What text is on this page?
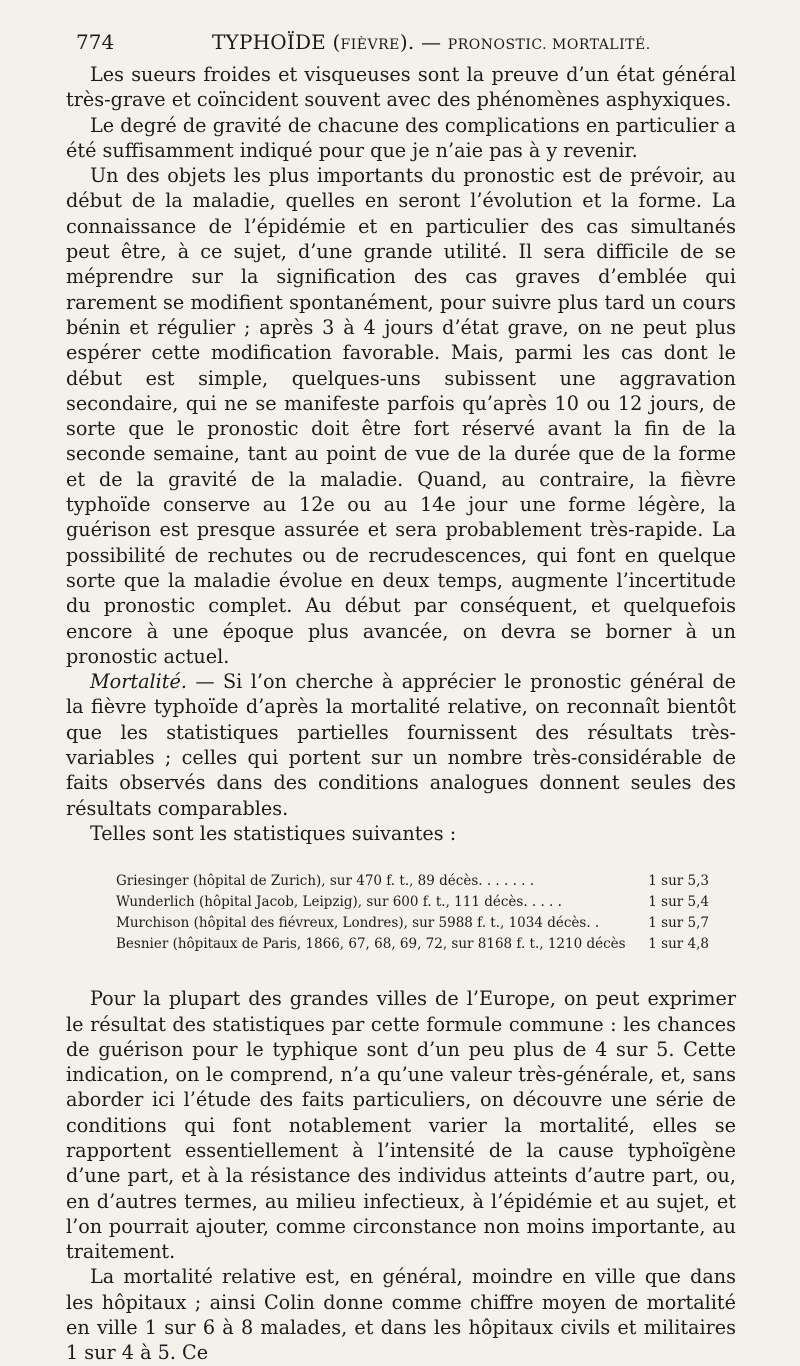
774	TYPHOÏDE (FIÈVRE). — PRONOSTIC. MORTALITÉ.

Les sueurs froides et visqueuses sont la preuve d’un état général très-grave et coïncident souvent avec des phénomènes asphyxiques.

Le degré de gravité de chacune des complications en particulier a été suffisamment indiqué pour que je n’aie pas à y revenir.

Un des objets les plus importants du pronostic est de prévoir, au début de la maladie, quelles en seront l’évolution et la forme. La connaissance de l’épidémie et en particulier des cas simultanés peut être, à ce sujet, d’une grande utilité. Il sera difficile de se méprendre sur la signification des cas graves d’emblée qui rarement se modifient spontanément, pour suivre plus tard un cours bénin et régulier ; après 3 à 4 jours d’état grave, on ne peut plus espérer cette modification favorable. Mais, parmi les cas dont le début est simple, quelques-uns subissent une aggravation secondaire, qui ne se manifeste parfois qu’après 10 ou 12 jours, de sorte que le pronostic doit être fort réservé avant la fin de la seconde semaine, tant au point de vue de la durée que de la forme et de la gravité de la maladie. Quand, au contraire, la fièvre typhoïde conserve au 12e ou au 14e jour une forme légère, la guérison est presque assurée et sera probablement très-rapide. La possibilité de rechutes ou de recrudescences, qui font en quelque sorte que la maladie évolue en deux temps, augmente l’incertitude du pronostic complet. Au début par conséquent, et quelquefois encore à une époque plus avancée, on devra se borner à un pronostic actuel.

Mortalité. — Si l’on cherche à apprécier le pronostic général de la fièvre typhoïde d’après la mortalité relative, on reconnaît bientôt que les statistiques partielles fournissent des résultats très-variables ; celles qui portent sur un nombre très-considérable de faits observés dans des conditions analogues donnent seules des résultats comparables.

Telles sont les statistiques suivantes :

Griesinger (hôpital de Zurich), sur 470 f. t., 89 décès. . . . . . .	1 sur 5,3
Wunderlich (hôpital Jacob, Leipzig), sur 600 f. t., 111 décès. . . . .	1 sur 5,4
Murchison (hôpital des fiévreux, Londres), sur 5988 f. t., 1034 décès. .	1 sur 5,7
Besnier (hôpitaux de Paris, 1866, 67, 68, 69, 72, sur 8168 f. t., 1210 décès	1 sur 4,8

Pour la plupart des grandes villes de l’Europe, on peut exprimer le résultat des statistiques par cette formule commune : les chances de guérison pour le typhique sont d’un peu plus de 4 sur 5. Cette indication, on le comprend, n’a qu’une valeur très-générale, et, sans aborder ici l’étude des faits particuliers, on découvre une série de conditions qui font notablement varier la mortalité, elles se rapportent essentiellement à l’intensité de la cause typhoïgène d’une part, et à la résistance des individus atteints d’autre part, ou, en d’autres termes, au milieu infectieux, à l’épidémie et au sujet, et l’on pourrait ajouter, comme circonstance non moins importante, au traitement.

La mortalité relative est, en général, moindre en ville que dans les hôpitaux ; ainsi Colin donne comme chiffre moyen de mortalité en ville 1 sur 6 à 8 malades, et dans les hôpitaux civils et militaires 1 sur 4 à 5. Ce
